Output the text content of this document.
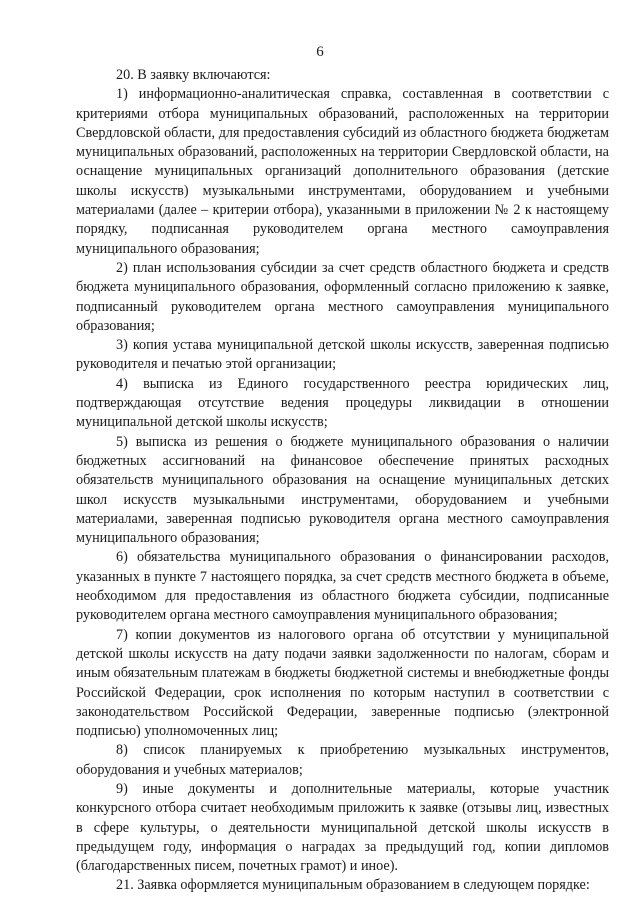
6

20. В заявку включаются:

1) информационно-аналитическая справка, составленная в соответствии с критериями отбора муниципальных образований, расположенных на территории Свердловской области, для предоставления субсидий из областного бюджета бюджетам муниципальных образований, расположенных на территории Свердловской области, на оснащение муниципальных организаций дополнительного образования (детские школы искусств) музыкальными инструментами, оборудованием и учебными материалами (далее – критерии отбора), указанными в приложении № 2 к настоящему порядку, подписанная руководителем органа местного самоуправления муниципального образования;

2) план использования субсидии за счет средств областного бюджета и средств бюджета муниципального образования, оформленный согласно приложению к заявке, подписанный руководителем органа местного самоуправления муниципального образования;

3) копия устава муниципальной детской школы искусств, заверенная подписью руководителя и печатью этой организации;

4) выписка из Единого государственного реестра юридических лиц, подтверждающая отсутствие ведения процедуры ликвидации в отношении муниципальной детской школы искусств;

5) выписка из решения о бюджете муниципального образования о наличии бюджетных ассигнований на финансовое обеспечение принятых расходных обязательств муниципального образования на оснащение муниципальных детских школ искусств музыкальными инструментами, оборудованием и учебными материалами, заверенная подписью руководителя органа местного самоуправления муниципального образования;

6) обязательства муниципального образования о финансировании расходов, указанных в пункте 7 настоящего порядка, за счет средств местного бюджета в объеме, необходимом для предоставления из областного бюджета субсидии, подписанные руководителем органа местного самоуправления муниципального образования;

7) копии документов из налогового органа об отсутствии у муниципальной детской школы искусств на дату подачи заявки задолженности по налогам, сборам и иным обязательным платежам в бюджеты бюджетной системы и внебюджетные фонды Российской Федерации, срок исполнения по которым наступил в соответствии с законодательством Российской Федерации, заверенные подписью (электронной подписью) уполномоченных лиц;

8) список планируемых к приобретению музыкальных инструментов, оборудования и учебных материалов;

9) иные документы и дополнительные материалы, которые участник конкурсного отбора считает необходимым приложить к заявке (отзывы лиц, известных в сфере культуры, о деятельности муниципальной детской школы искусств в предыдущем году, информация о наградах за предыдущий год, копии дипломов (благодарственных писем, почетных грамот) и иное).

21. Заявка оформляется муниципальным образованием в следующем порядке:
